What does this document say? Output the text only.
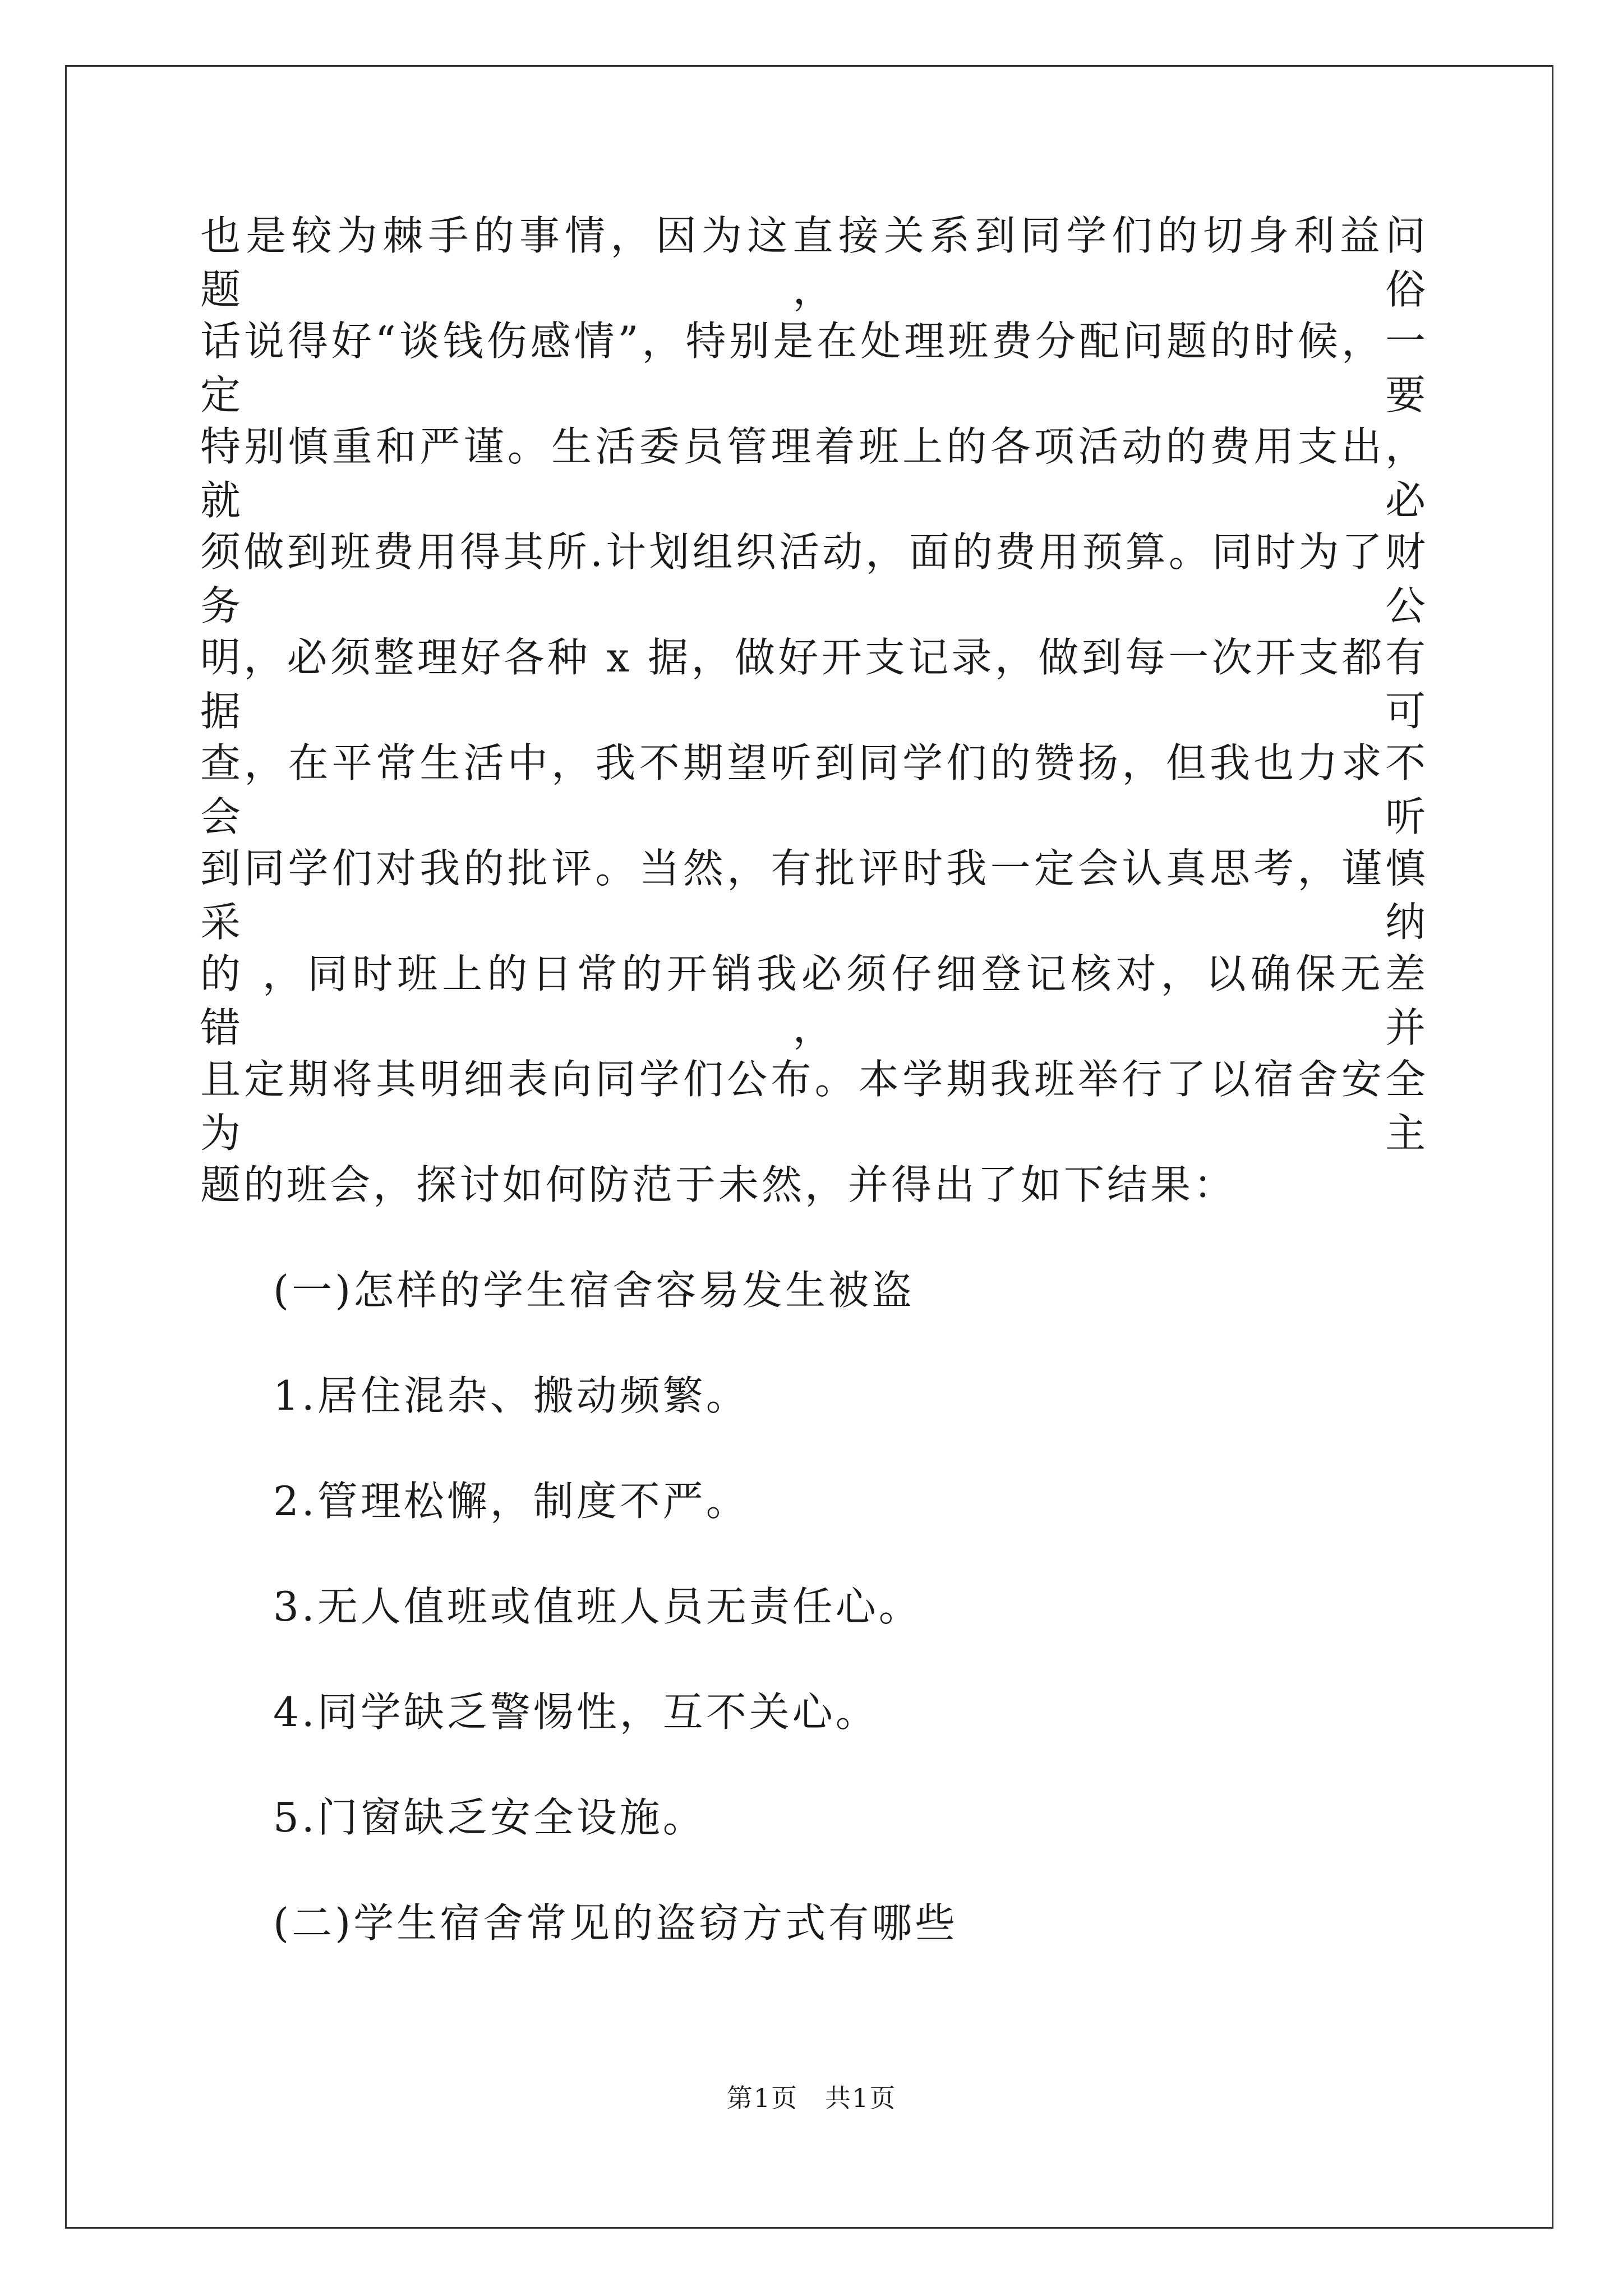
也是较为棘手的事情，因为这直接关系到同学们的切身利益问题，俗
话说得好“谈钱伤感情”，特别是在处理班费分配问题的时候，一定要
特别慎重和严谨。生活委员管理着班上的各项活动的费用支出，就必
须做到班费用得其所.计划组织活动，面的费用预算。同时为了财务公
明，必须整理好各种 x 据，做好开支记录，做到每一次开支都有据可
查，在平常生活中，我不期望听到同学们的赞扬，但我也力求不会听
到同学们对我的批评。当然，有批评时我一定会认真思考，谨慎采纳
的 ，同时班上的日常的开销我必须仔细登记核对，以确保无差错，并
且定期将其明细表向同学们公布。本学期我班举行了以宿舍安全为主
题的班会，探讨如何防范于未然，并得出了如下结果：
(一)怎样的学生宿舍容易发生被盗
1.居住混杂、搬动频繁。
2.管理松懈，制度不严。
3.无人值班或值班人员无责任心。
4.同学缺乏警惕性，互不关心。
5.门窗缺乏安全设施。
(二)学生宿舍常见的盗窃方式有哪些
第1页 共1页
